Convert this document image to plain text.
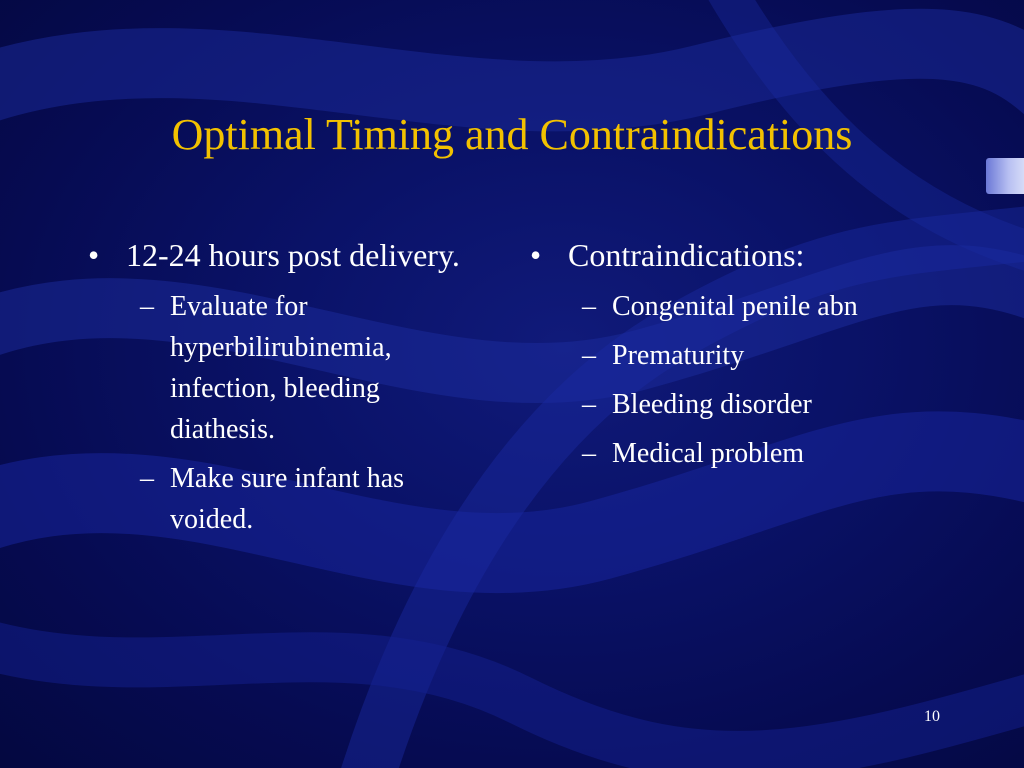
Optimal Timing and Contraindications
• 12-24 hours post delivery.
– Evaluate for hyperbilirubinemia, infection, bleeding diathesis.
– Make sure infant has voided.
• Contraindications:
– Congenital penile abn
– Prematurity
– Bleeding disorder
– Medical problem
10
